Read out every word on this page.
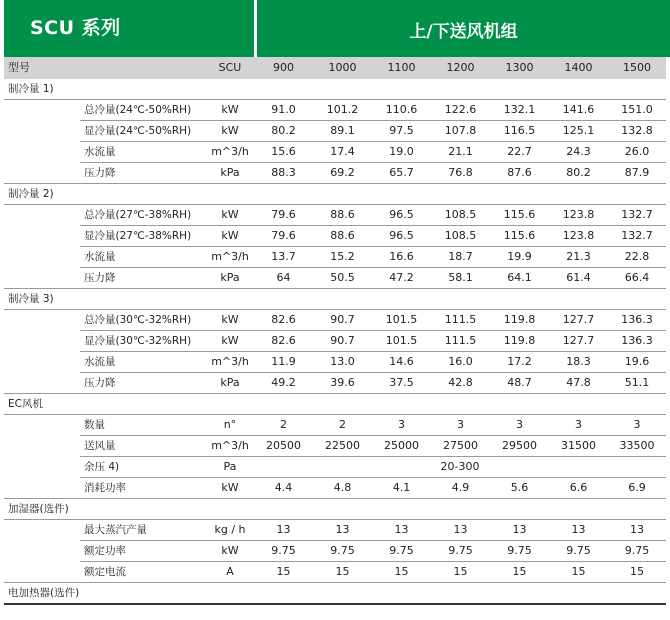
SCU 系列	上/下送风机组
型号		SCU	900	1000	1100	1200	1300	1400	1500
制冷量 1)									
	总冷量(24℃-50%RH)	kW	91.0	101.2	110.6	122.6	132.1	141.6	151.0
	显冷量(24℃-50%RH)	kW	80.2	89.1	97.5	107.8	116.5	125.1	132.8
	水流量	m^3/h	15.6	17.4	19.0	21.1	22.7	24.3	26.0
	压力降	kPa	88.3	69.2	65.7	76.8	87.6	80.2	87.9
制冷量 2)									
	总冷量(27℃-38%RH)	kW	79.6	88.6	96.5	108.5	115.6	123.8	132.7
	显冷量(27℃-38%RH)	kW	79.6	88.6	96.5	108.5	115.6	123.8	132.7
	水流量	m^3/h	13.7	15.2	16.6	18.7	19.9	21.3	22.8
	压力降	kPa	64	50.5	47.2	58.1	64.1	61.4	66.4
制冷量 3)									
	总冷量(30℃-32%RH)	kW	82.6	90.7	101.5	111.5	119.8	127.7	136.3
	显冷量(30℃-32%RH)	kW	82.6	90.7	101.5	111.5	119.8	127.7	136.3
	水流量	m^3/h	11.9	13.0	14.6	16.0	17.2	18.3	19.6
	压力降	kPa	49.2	39.6	37.5	42.8	48.7	47.8	51.1
EC风机									
	数量	n°	2	2	3	3	3	3	3
	送风量	m^3/h	20500	22500	25000	27500	29500	31500	33500
	余压 4)	Pa	20-300						
	消耗功率	kW	4.4	4.8	4.1	4.9	5.6	6.6	6.9
加湿器(选件)									
	最大蒸汽产量	kg / h	13	13	13	13	13	13	13
	额定功率	kW	9.75	9.75	9.75	9.75	9.75	9.75	9.75
	额定电流	A	15	15	15	15	15	15	15
电加热器(选件)									
